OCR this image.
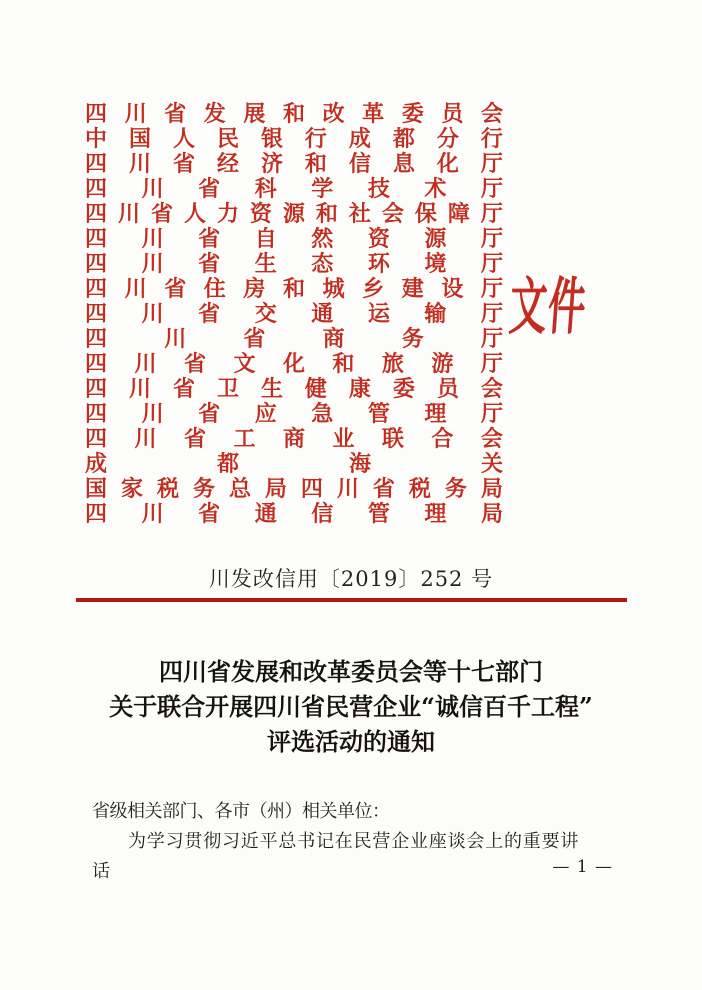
四 川 省 发 展 和 改 革 委 员 会
中 国 人 民 银 行 成 都 分 行
四 川 省 经 济 和 信 息 化 厅
四 川 省 科 学 技 术 厅
四 川 省 人 力 资 源 和 社 会 保 障 厅
四 川 省 自 然 资 源 厅
四 川 省 生 态 环 境 厅
四 川 省 住 房 和 城 乡 建 设 厅
四 川 省 交 通 运 输 厅
四	川	省	商	务	厅
四 川 省 文 化 和 旅 游 厅
四 川 省 卫 生 健 康 委 员 会
四 川 省 应 急 管 理 厅
四 川 省 工 商 业 联 合 会
成	都	海	关
国 家 税 务 总 局 四 川 省 税 务 局
四 川 省 通 信 管 理 局
文件
川发改信用〔2019〕252 号
四川省发展和改革委员会等十七部门
关于联合开展四川省民营企业“诚信百千工程”
评选活动的通知
省级相关部门、各市（州）相关单位：
为学习贯彻习近平总书记在民营企业座谈会上的重要讲话	— 1 —
